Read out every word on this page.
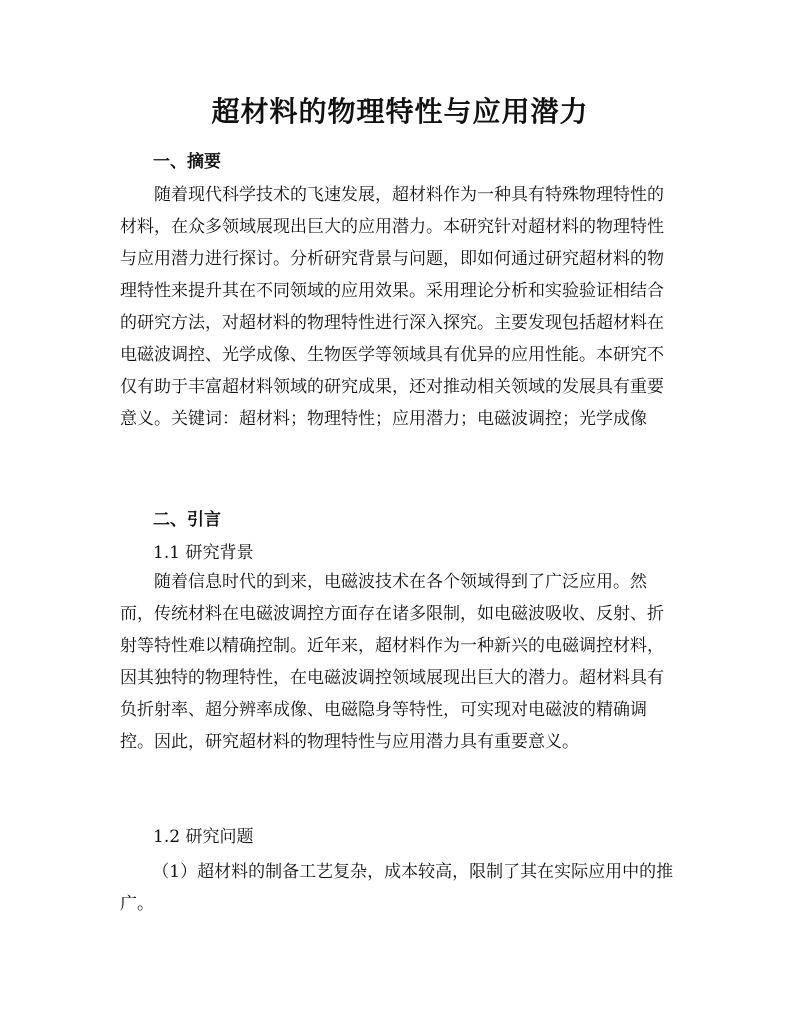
超材料的物理特性与应用潜力
一、摘要
随着现代科学技术的飞速发展，超材料作为一种具有特殊物理特性的材料，在众多领域展现出巨大的应用潜力。本研究针对超材料的物理特性与应用潜力进行探讨。分析研究背景与问题，即如何通过研究超材料的物理特性来提升其在不同领域的应用效果。采用理论分析和实验验证相结合的研究方法，对超材料的物理特性进行深入探究。主要发现包括超材料在电磁波调控、光学成像、生物医学等领域具有优异的应用性能。本研究不仅有助于丰富超材料领域的研究成果，还对推动相关领域的发展具有重要意义。关键词：超材料；物理特性；应用潜力；电磁波调控；光学成像
二、引言
1.1 研究背景
随着信息时代的到来，电磁波技术在各个领域得到了广泛应用。然而，传统材料在电磁波调控方面存在诸多限制，如电磁波吸收、反射、折射等特性难以精确控制。近年来，超材料作为一种新兴的电磁调控材料，因其独特的物理特性，在电磁波调控领域展现出巨大的潜力。超材料具有负折射率、超分辨率成像、电磁隐身等特性，可实现对电磁波的精确调控。因此，研究超材料的物理特性与应用潜力具有重要意义。
1.2 研究问题
（1）超材料的制备工艺复杂，成本较高，限制了其在实际应用中的推广。
